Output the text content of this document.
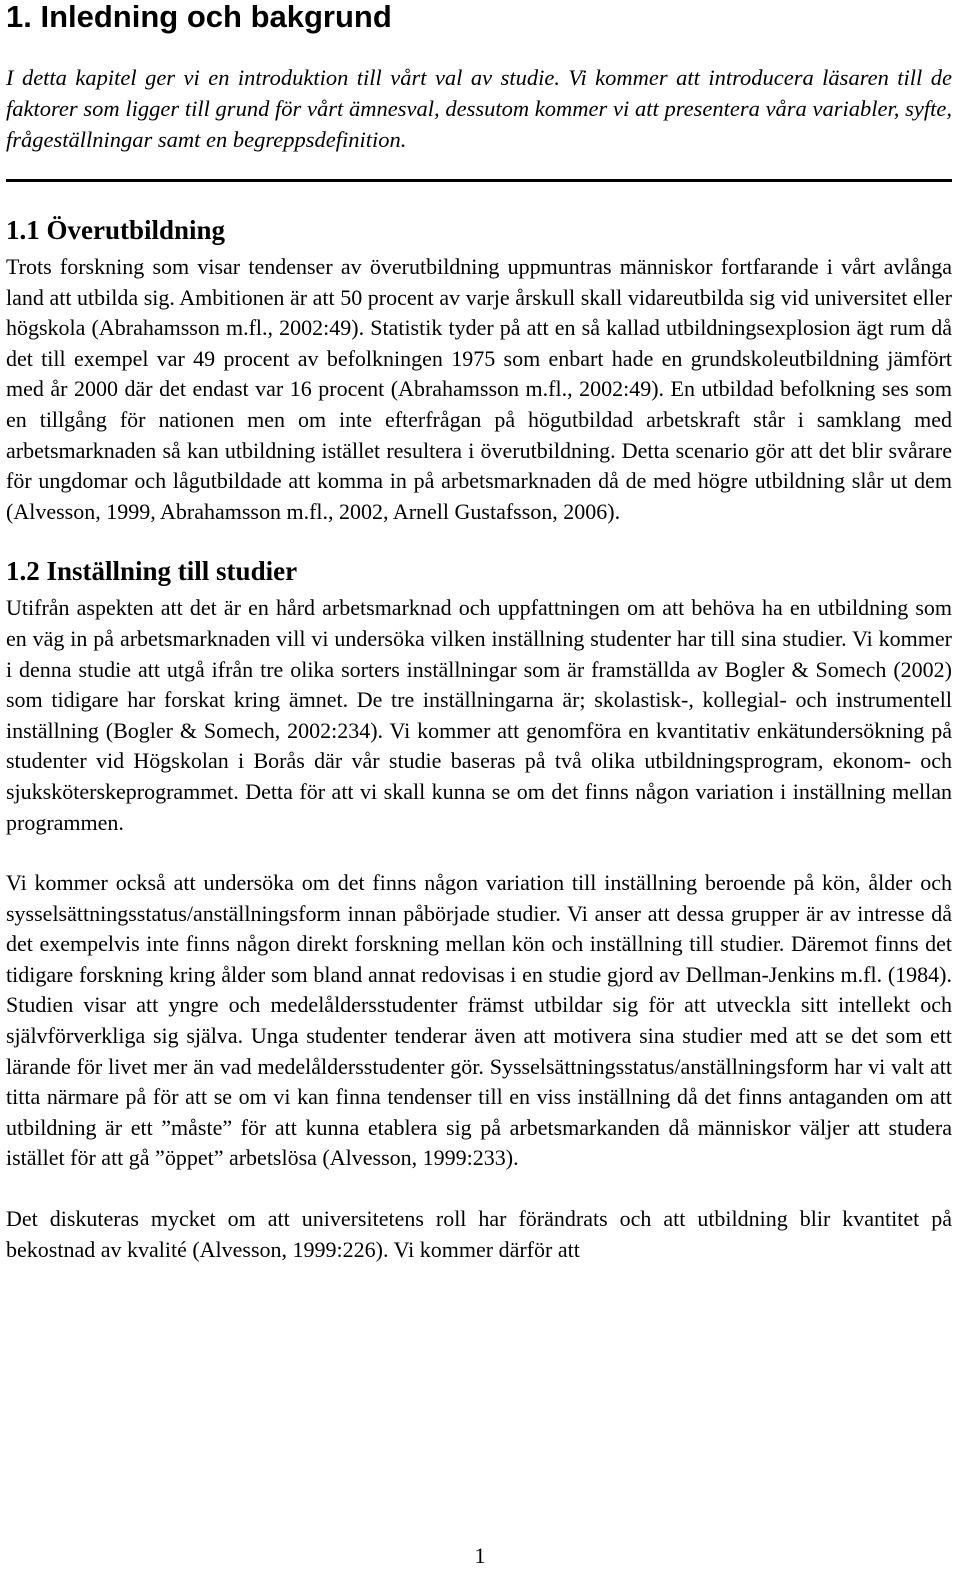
1. Inledning och bakgrund

I detta kapitel ger vi en introduktion till vårt val av studie. Vi kommer att introducera läsaren till de faktorer som ligger till grund för vårt ämnesval, dessutom kommer vi att presentera våra variabler, syfte, frågeställningar samt en begreppsdefinition.

1.1 Överutbildning

Trots forskning som visar tendenser av överutbildning uppmuntras människor fortfarande i vårt avlånga land att utbilda sig. Ambitionen är att 50 procent av varje årskull skall vidareutbilda sig vid universitet eller högskola (Abrahamsson m.fl., 2002:49). Statistik tyder på att en så kallad utbildningsexplosion ägt rum då det till exempel var 49 procent av befolkningen 1975 som enbart hade en grundskoleutbildning jämfört med år 2000 där det endast var 16 procent (Abrahamsson m.fl., 2002:49). En utbildad befolkning ses som en tillgång för nationen men om inte efterfrågan på högutbildad arbetskraft står i samklang med arbetsmarknaden så kan utbildning istället resultera i överutbildning. Detta scenario gör att det blir svårare för ungdomar och lågutbildade att komma in på arbetsmarknaden då de med högre utbildning slår ut dem (Alvesson, 1999, Abrahamsson m.fl., 2002, Arnell Gustafsson, 2006).

1.2 Inställning till studier

Utifrån aspekten att det är en hård arbetsmarknad och uppfattningen om att behöva ha en utbildning som en väg in på arbetsmarknaden vill vi undersöka vilken inställning studenter har till sina studier. Vi kommer i denna studie att utgå ifrån tre olika sorters inställningar som är framställda av Bogler & Somech (2002) som tidigare har forskat kring ämnet. De tre inställningarna är; skolastisk-, kollegial- och instrumentell inställning (Bogler & Somech, 2002:234). Vi kommer att genomföra en kvantitativ enkätundersökning på studenter vid Högskolan i Borås där vår studie baseras på två olika utbildningsprogram, ekonom- och sjuksköterskeprogrammet. Detta för att vi skall kunna se om det finns någon variation i inställning mellan programmen.

Vi kommer också att undersöka om det finns någon variation till inställning beroende på kön, ålder och sysselsättningsstatus/anställningsform innan påbörjade studier. Vi anser att dessa grupper är av intresse då det exempelvis inte finns någon direkt forskning mellan kön och inställning till studier. Däremot finns det tidigare forskning kring ålder som bland annat redovisas i en studie gjord av Dellman-Jenkins m.fl. (1984). Studien visar att yngre och medelåldersstudenter främst utbildar sig för att utveckla sitt intellekt och självförverkliga sig själva. Unga studenter tenderar även att motivera sina studier med att se det som ett lärande för livet mer än vad medelåldersstudenter gör. Sysselsättningsstatus/anställningsform har vi valt att titta närmare på för att se om vi kan finna tendenser till en viss inställning då det finns antaganden om att utbildning är ett ”måste” för att kunna etablera sig på arbetsmarkanden då människor väljer att studera istället för att gå ”öppet” arbetslösa (Alvesson, 1999:233).

Det diskuteras mycket om att universitetens roll har förändrats och att utbildning blir kvantitet på bekostnad av kvalité (Alvesson, 1999:226). Vi kommer därför att

1
